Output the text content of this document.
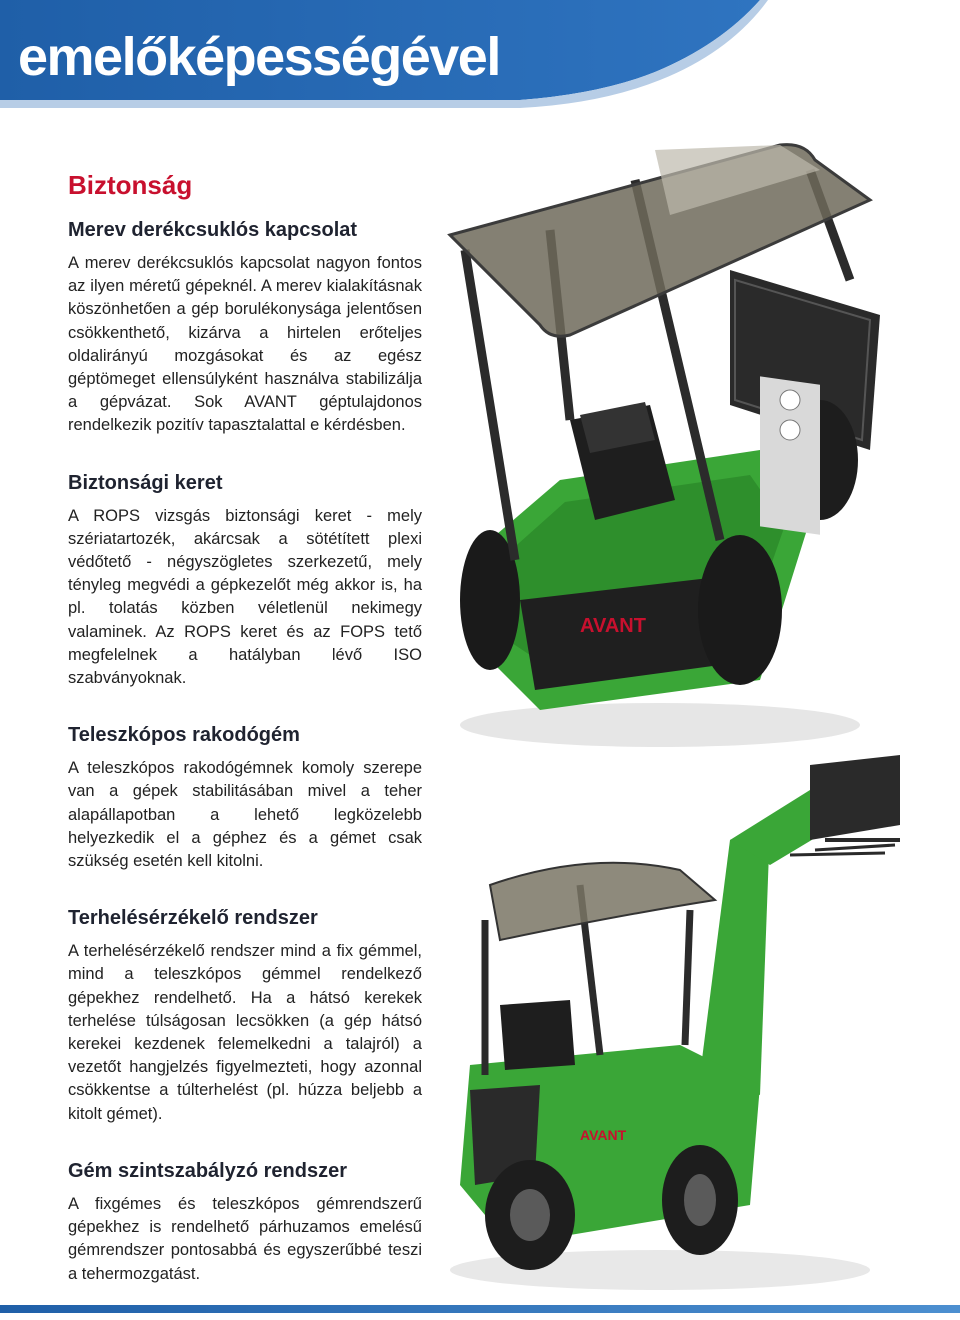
emelőképességével
Biztonság
Merev derékcsuklós kapcsolat

A merev derékcsuklós kapcsolat nagyon fontos az ilyen méretű gépeknél. A merev kialakításnak köszönhetően a gép borulékonysága jelentősen csökkenthető, kizárva a hirtelen erőteljes oldalirányú mozgásokat és az egész géptömeget ellensúlyként használva stabilizálja a gépvázat. Sok AVANT géptulajdonos rendelkezik pozitív tapasztalattal e kérdésben.

Biztonsági keret

A ROPS vizsgás biztonsági keret - mely szériatartozék, akárcsak a sötétített plexi védőtető - négyszögletes szerkezetű, mely tényleg megvédi a gépkezelőt még akkor is, ha pl. tolatás közben véletlenül nekimegy valaminek. Az ROPS keret és az FOPS tető megfelelnek a hatályban lévő ISO szabványoknak.

Teleszkópos rakodógém

A teleszkópos rakodógémnek komoly szerepe van a gépek stabilitásában mivel a teher alapállapotban a lehető legközelebb helyezkedik el a géphez és a gémet csak szükség esetén kell kitolni.

Terhelésérzékelő rendszer

A terhelésérzékelő rendszer mind a fix gémmel, mind a teleszkópos gémmel rendelkező gépekhez rendelhető. Ha a hátsó kerekek terhelése túlságosan lecsökken (a gép hátsó kerekei kezdenek felemelkedni a talajról) a vezetőt hangjelzés figyelmezteti, hogy azonnal csökkentse a túlterhelést (pl. húzza beljebb a kitolt gémet).

Gém szintszabályzó rendszer

A fixgémes és teleszkópos gémrendszerű gépekhez is rendelhető párhuzamos emelésű gémrendszer pontosabbá és egyszerűbbé teszi a tehermozgatást.

AVANT
AVANT
